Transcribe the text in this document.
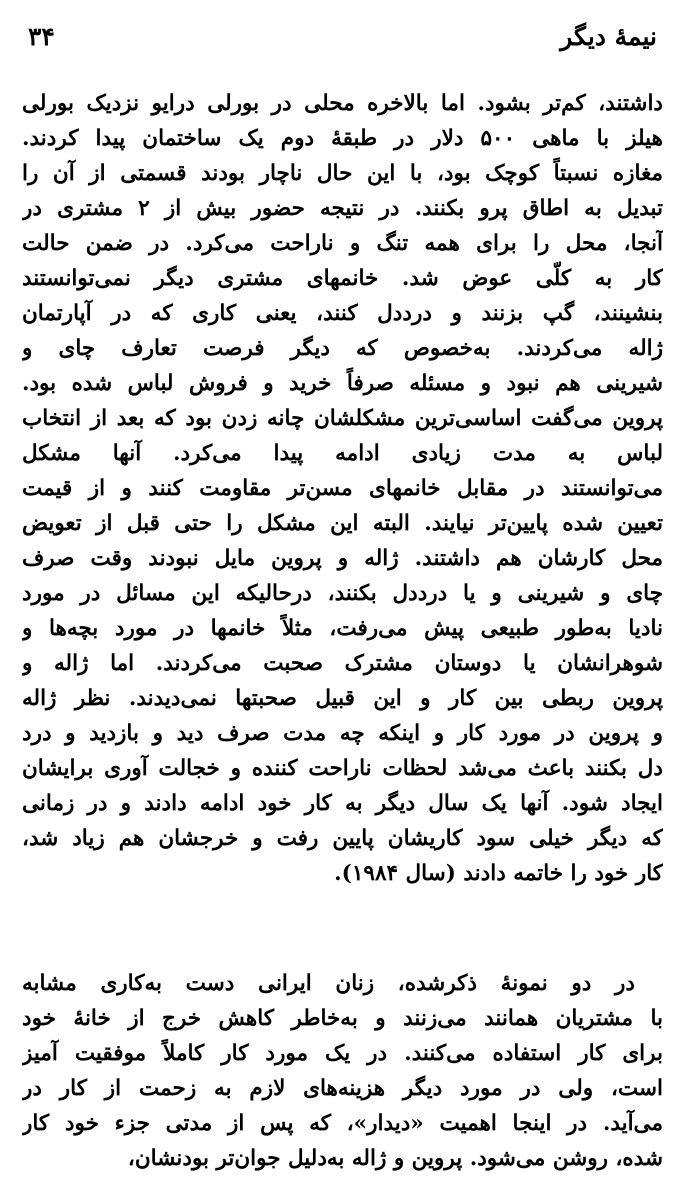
نیمهٔ دیگر
۳۴
داشتند، کم‌تر بشود. اما بالاخره محلی در بورلی درایو نزدیک بورلی
هیلز با ماهی ۵۰۰ دلار در طبقهٔ دوم یک ساختمان پیدا کردند.
مغازه نسبتاً کوچک بود، با این حال ناچار بودند قسمتی از آن را
تبدیل به اطاق پرو بکنند. در نتیجه حضور بیش از ۲ مشتری در
آنجا، محل را برای همه تنگ و ناراحت می‌کرد. در ضمن حالت
کار به کلّی عوض شد. خانمهای مشتری دیگر نمی‌توانستند
بنشینند، گپ بزنند و درددل کنند، یعنی کاری که در آپارتمان
ژاله می‌کردند. به‌خصوص که دیگر فرصت تعارف چای و
شیرینی هم نبود و مسئله صرفاً خرید و فروش لباس شده بود.
پروین می‌گفت اساسی‌ترین مشکلشان چانه زدن بود که بعد از انتخاب
لباس به مدت زیادی ادامه پیدا می‌کرد. آنها مشکل
می‌توانستند در مقابل خانمهای مسن‌تر مقاومت کنند و از قیمت
تعیین شده پایین‌تر نیایند. البته این مشکل را حتی قبل از تعویض
محل کارشان هم داشتند. ژاله و پروین مایل نبودند وقت صرف
چای و شیرینی و یا درددل بکنند، درحالیکه این مسائل در مورد
نادیا به‌طور طبیعی پیش می‌رفت، مثلاً خانمها در مورد بچه‌ها و
شوهرانشان یا دوستان مشترک صحبت می‌کردند. اما ژاله و
پروین ربطی بین کار و این قبیل صحبتها نمی‌دیدند. نظر ژاله
و پروین در مورد کار و اینکه چه مدت صرف دید و بازدید و درد
دل بکنند باعث می‌شد لحظات ناراحت کننده و خجالت آوری برایشان
ایجاد شود. آنها یک سال دیگر به کار خود ادامه دادند و در زمانی
که دیگر خیلی سود کاریشان پایین رفت و خرجشان هم زیاد شد،
کار خود را خاتمه دادند (سال ۱۹۸۴).
در دو نمونهٔ ذکرشده، زنان ایرانی دست به‌کاری مشابه
با مشتریان همانند می‌زنند و به‌خاطر کاهش خرج از خانهٔ خود
برای کار استفاده می‌کنند. در یک مورد کار کاملاً موفقیت آمیز
است، ولی در مورد دیگر هزینه‌های لازم به زحمت از کار در
می‌آید. در اینجا اهمیت «دیدار»، که پس از مدتی جزء خود کار
شده، روشن می‌شود. پروین و ژاله به‌دلیل جوان‌تر بودنشان،
